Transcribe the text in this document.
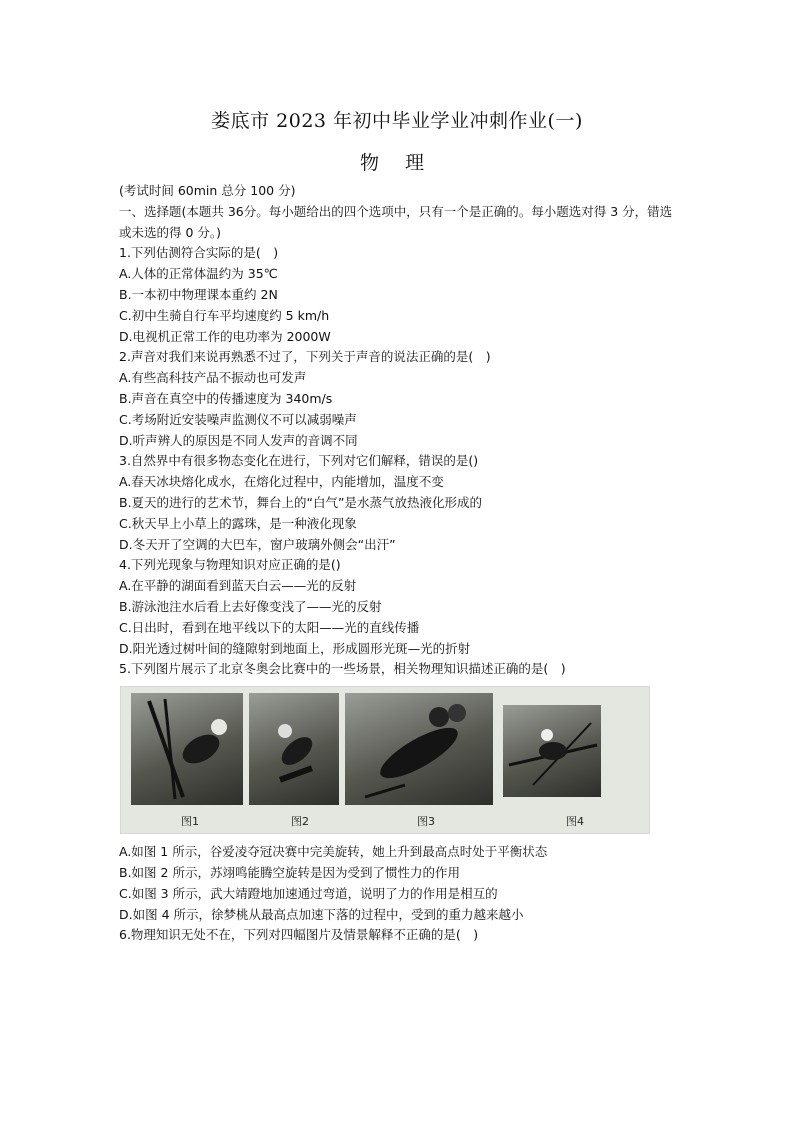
娄底市 2023 年初中毕业学业冲刺作业(一)
物 理
(考试时间 60min 总分 100 分)
一、选择题(本题共 36分。每小题给出的四个选项中，只有一个是正确的。每小题选对得 3 分，错选或未选的得 0 分。)
1.下列估测符合实际的是(　)
A.人体的正常体温约为 35℃
B.一本初中物理课本重约 2N
C.初中生骑自行车平均速度约 5 km/h
D.电视机正常工作的电功率为 2000W
2.声音对我们来说再熟悉不过了，下列关于声音的说法正确的是(　)
A.有些高科技产品不振动也可发声
B.声音在真空中的传播速度为 340m/s
C.考场附近安装噪声监测仪不可以减弱噪声
D.听声辨人的原因是不同人发声的音调不同
3.自然界中有很多物态变化在进行，下列对它们解释，错误的是()
A.春天冰块熔化成水，在熔化过程中，内能增加，温度不变
B.夏天的进行的艺术节，舞台上的“白气”是水蒸气放热液化形成的
C.秋天早上小草上的露珠，是一种液化现象
D.冬天开了空调的大巴车，窗户玻璃外侧会“出汗”
4.下列光现象与物理知识对应正确的是()
A.在平静的湖面看到蓝天白云——光的反射
B.游泳池注水后看上去好像变浅了——光的反射
C.日出时，看到在地平线以下的太阳——光的直线传播
D.阳光透过树叶间的缝隙射到地面上，形成圆形光斑—光的折射
5.下列图片展示了北京冬奥会比赛中的一些场景，相关物理知识描述正确的是(　)
图1	图2	图3	图4
A.如图 1 所示，谷爱凌夺冠决赛中完美旋转，她上升到最高点时处于平衡状态
B.如图 2 所示，苏翊鸣能腾空旋转是因为受到了惯性力的作用
C.如图 3 所示，武大靖蹬地加速通过弯道，说明了力的作用是相互的
D.如图 4 所示，徐梦桃从最高点加速下落的过程中，受到的重力越来越小
6.物理知识无处不在，下列对四幅图片及情景解释不正确的是(　)
